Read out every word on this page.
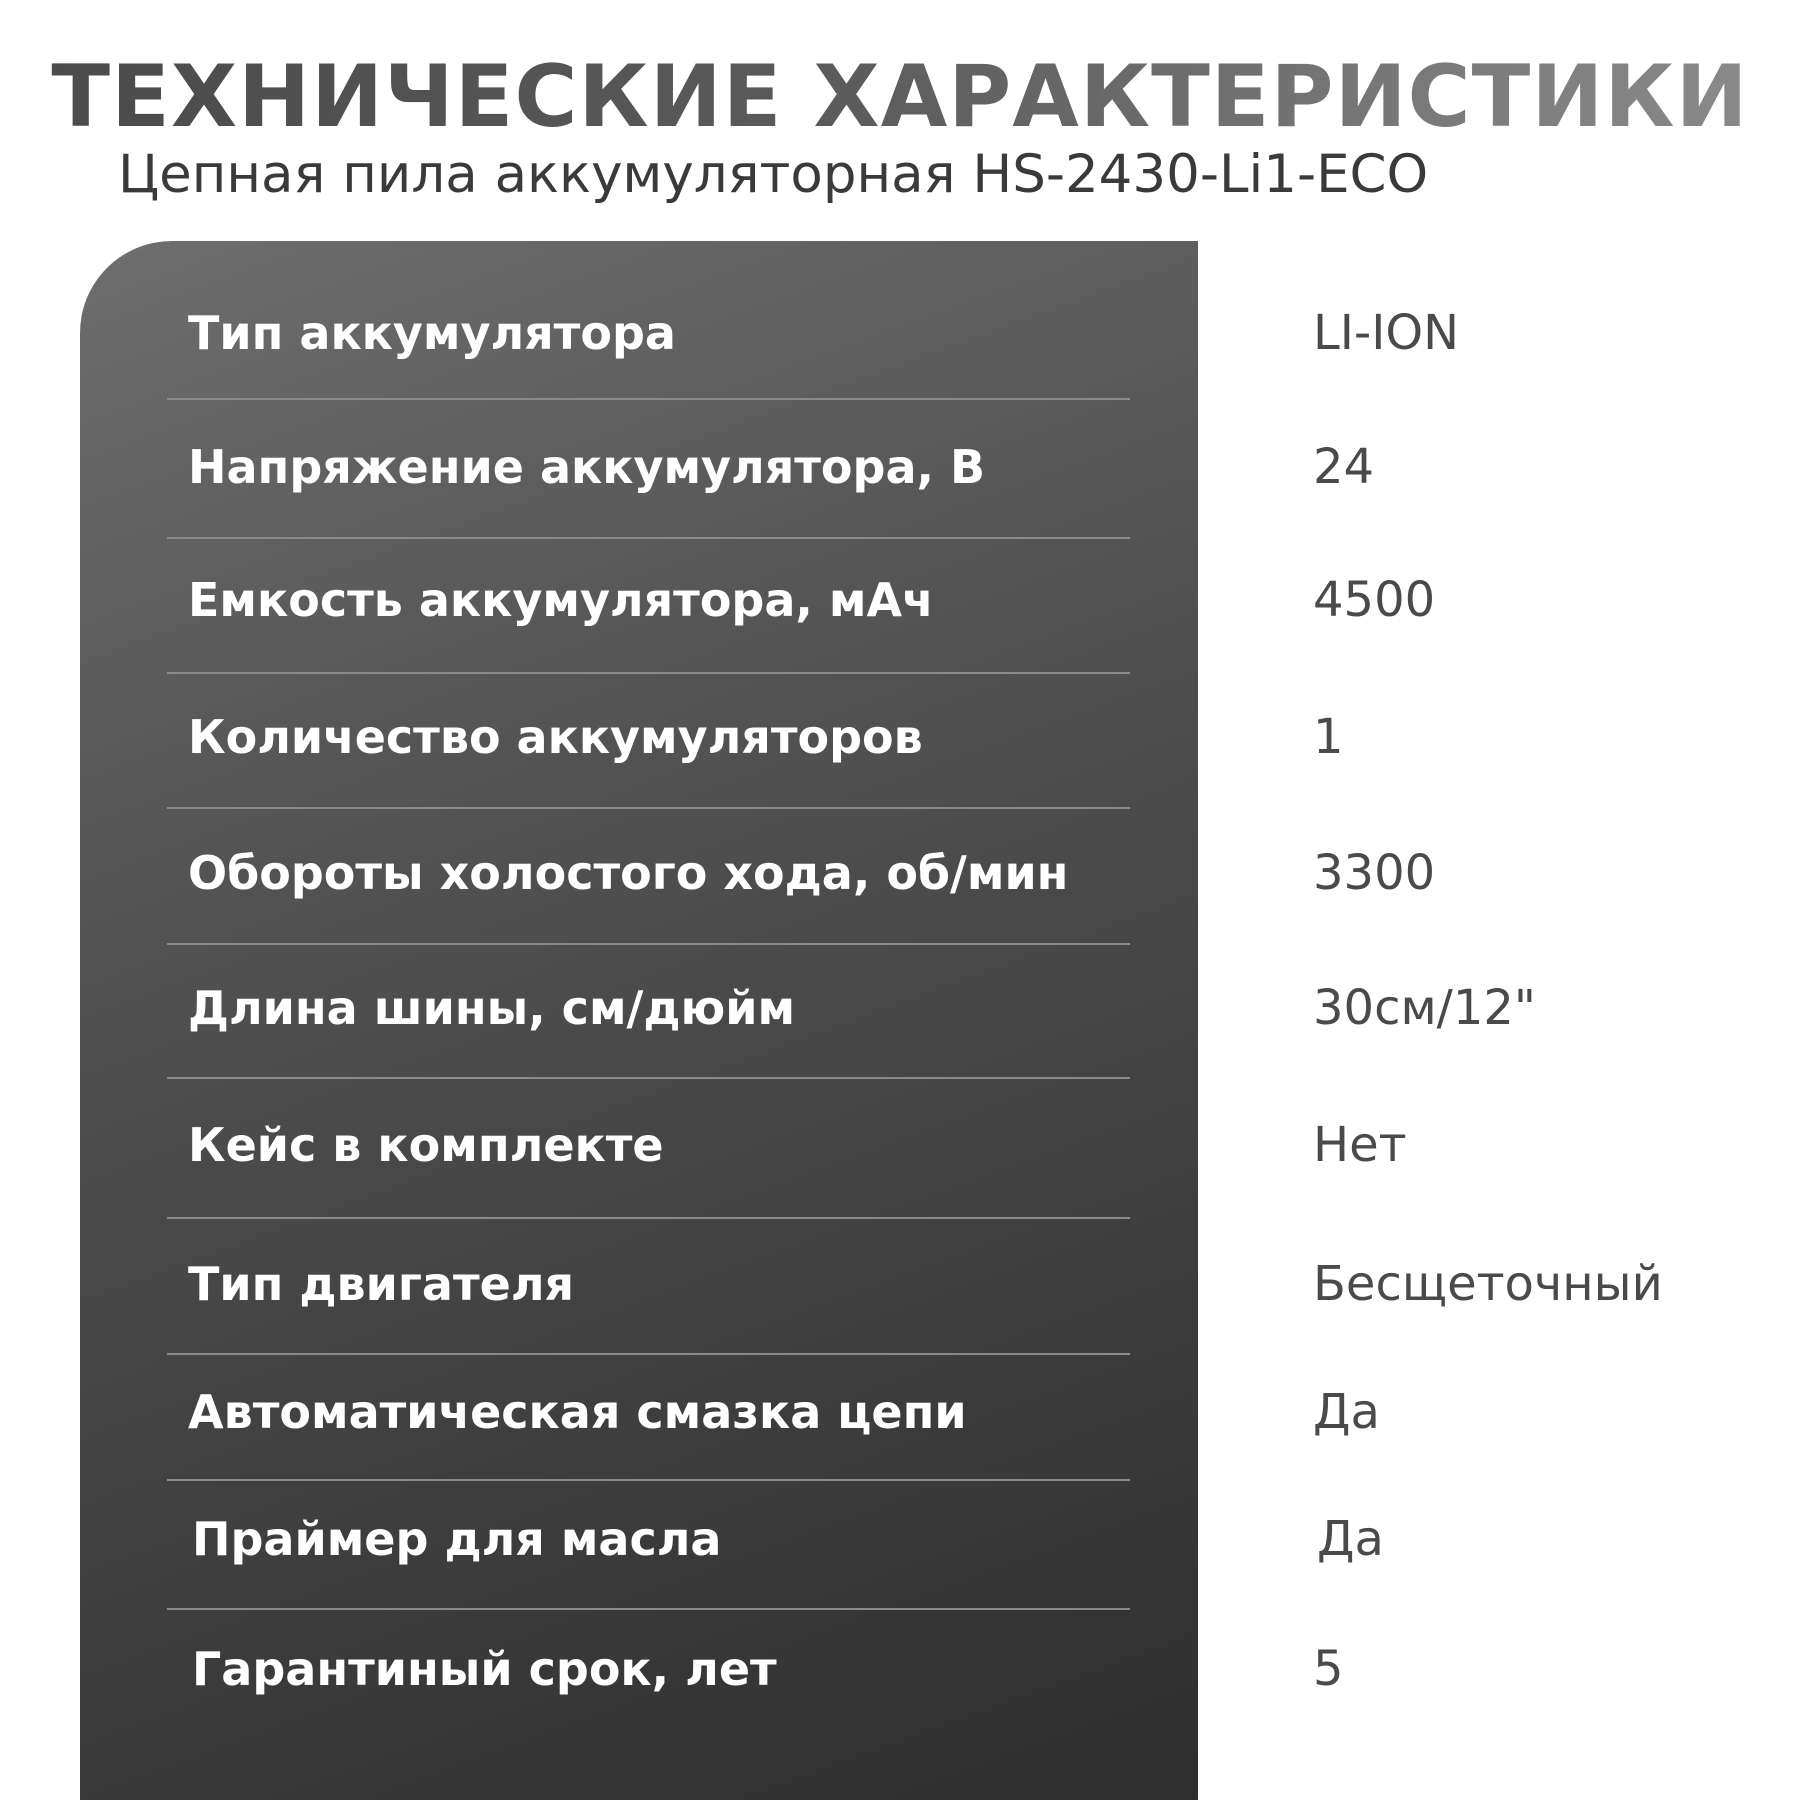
ТЕХНИЧЕСКИЕ ХАРАКТЕРИСТИКИ
Цепная пила аккумуляторная HS-2430-Li1-ECO
Тип аккумулятора	LI-ION
Напряжение аккумулятора, В	24
Емкость аккумулятора, мАч	4500
Количество аккумуляторов	1
Обороты холостого хода, об/мин	3300
Длина шины, см/дюйм	30см/12"
Кейс в комплекте	Нет
Тип двигателя	Бесщеточный
Автоматическая смазка цепи	Да
Праймер для масла	Да
Гарантиный срок, лет	5
